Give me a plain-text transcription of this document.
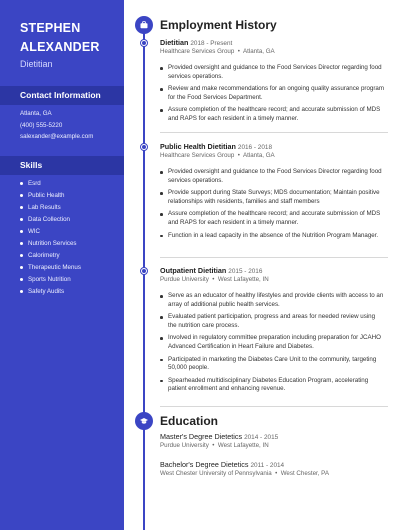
STEPHEN
ALEXANDER
Dietitian
Contact Information
Atlanta, GA
(400) 555-5220
salexander@example.com
Skills
Esrd
Public Health
Lab Results
Data Collection
WIC
Nutrition Services
Calorimetry
Therapeutic Menus
Sports Nutrition
Safety Audits
Employment History
Dietitian 2018 - Present
Healthcare Services Group  •  Atlanta, GA
Provided oversight and guidance to the Food Services Director regarding food services operations.
Review and make recommendations for an ongoing quality assurance program for the Food Services Department.
Assure completion of the healthcare record; and accurate submission of MDS and RAPS for each resident in a timely manner.
Public Health Dietitian 2016 - 2018
Healthcare Services Group  •  Atlanta, GA
Provided oversight and guidance to the Food Services Director regarding food services operations.
Provide support during State Surveys; MDS documentation; Maintain positive relationships with residents, families and staff members
Assure completion of the healthcare record; and accurate submission of MDS and RAPS for each resident in a timely manner.
Function in a lead capacity in the absence of the Nutrition Program Manager.
Outpatient Dietitian 2015 - 2016
Purdue University  •  West Lafayette, IN
Serve as an educator of healthy lifestyles and provide clients with access to an array of additional public health services.
Evaluated patient participation, progress and areas for needed review using the nutrition care process.
Involved in regulatory committee preparation including preparation for JCAHO Advanced Certification in Heart Failure and Diabetes.
Participated in marketing the Diabetes Care Unit to the community, targeting 50,000 people.
Spearheaded multidisciplinary Diabetes Education Program, accelerating patient enrollment and enhancing revenue.
Education
Master's Degree Dietetics 2014 - 2015
Purdue University  •  West Lafayette, IN
Bachelor's Degree Dietetics 2011 - 2014
West Chester University of Pennsylvania  •  West Chester, PA
